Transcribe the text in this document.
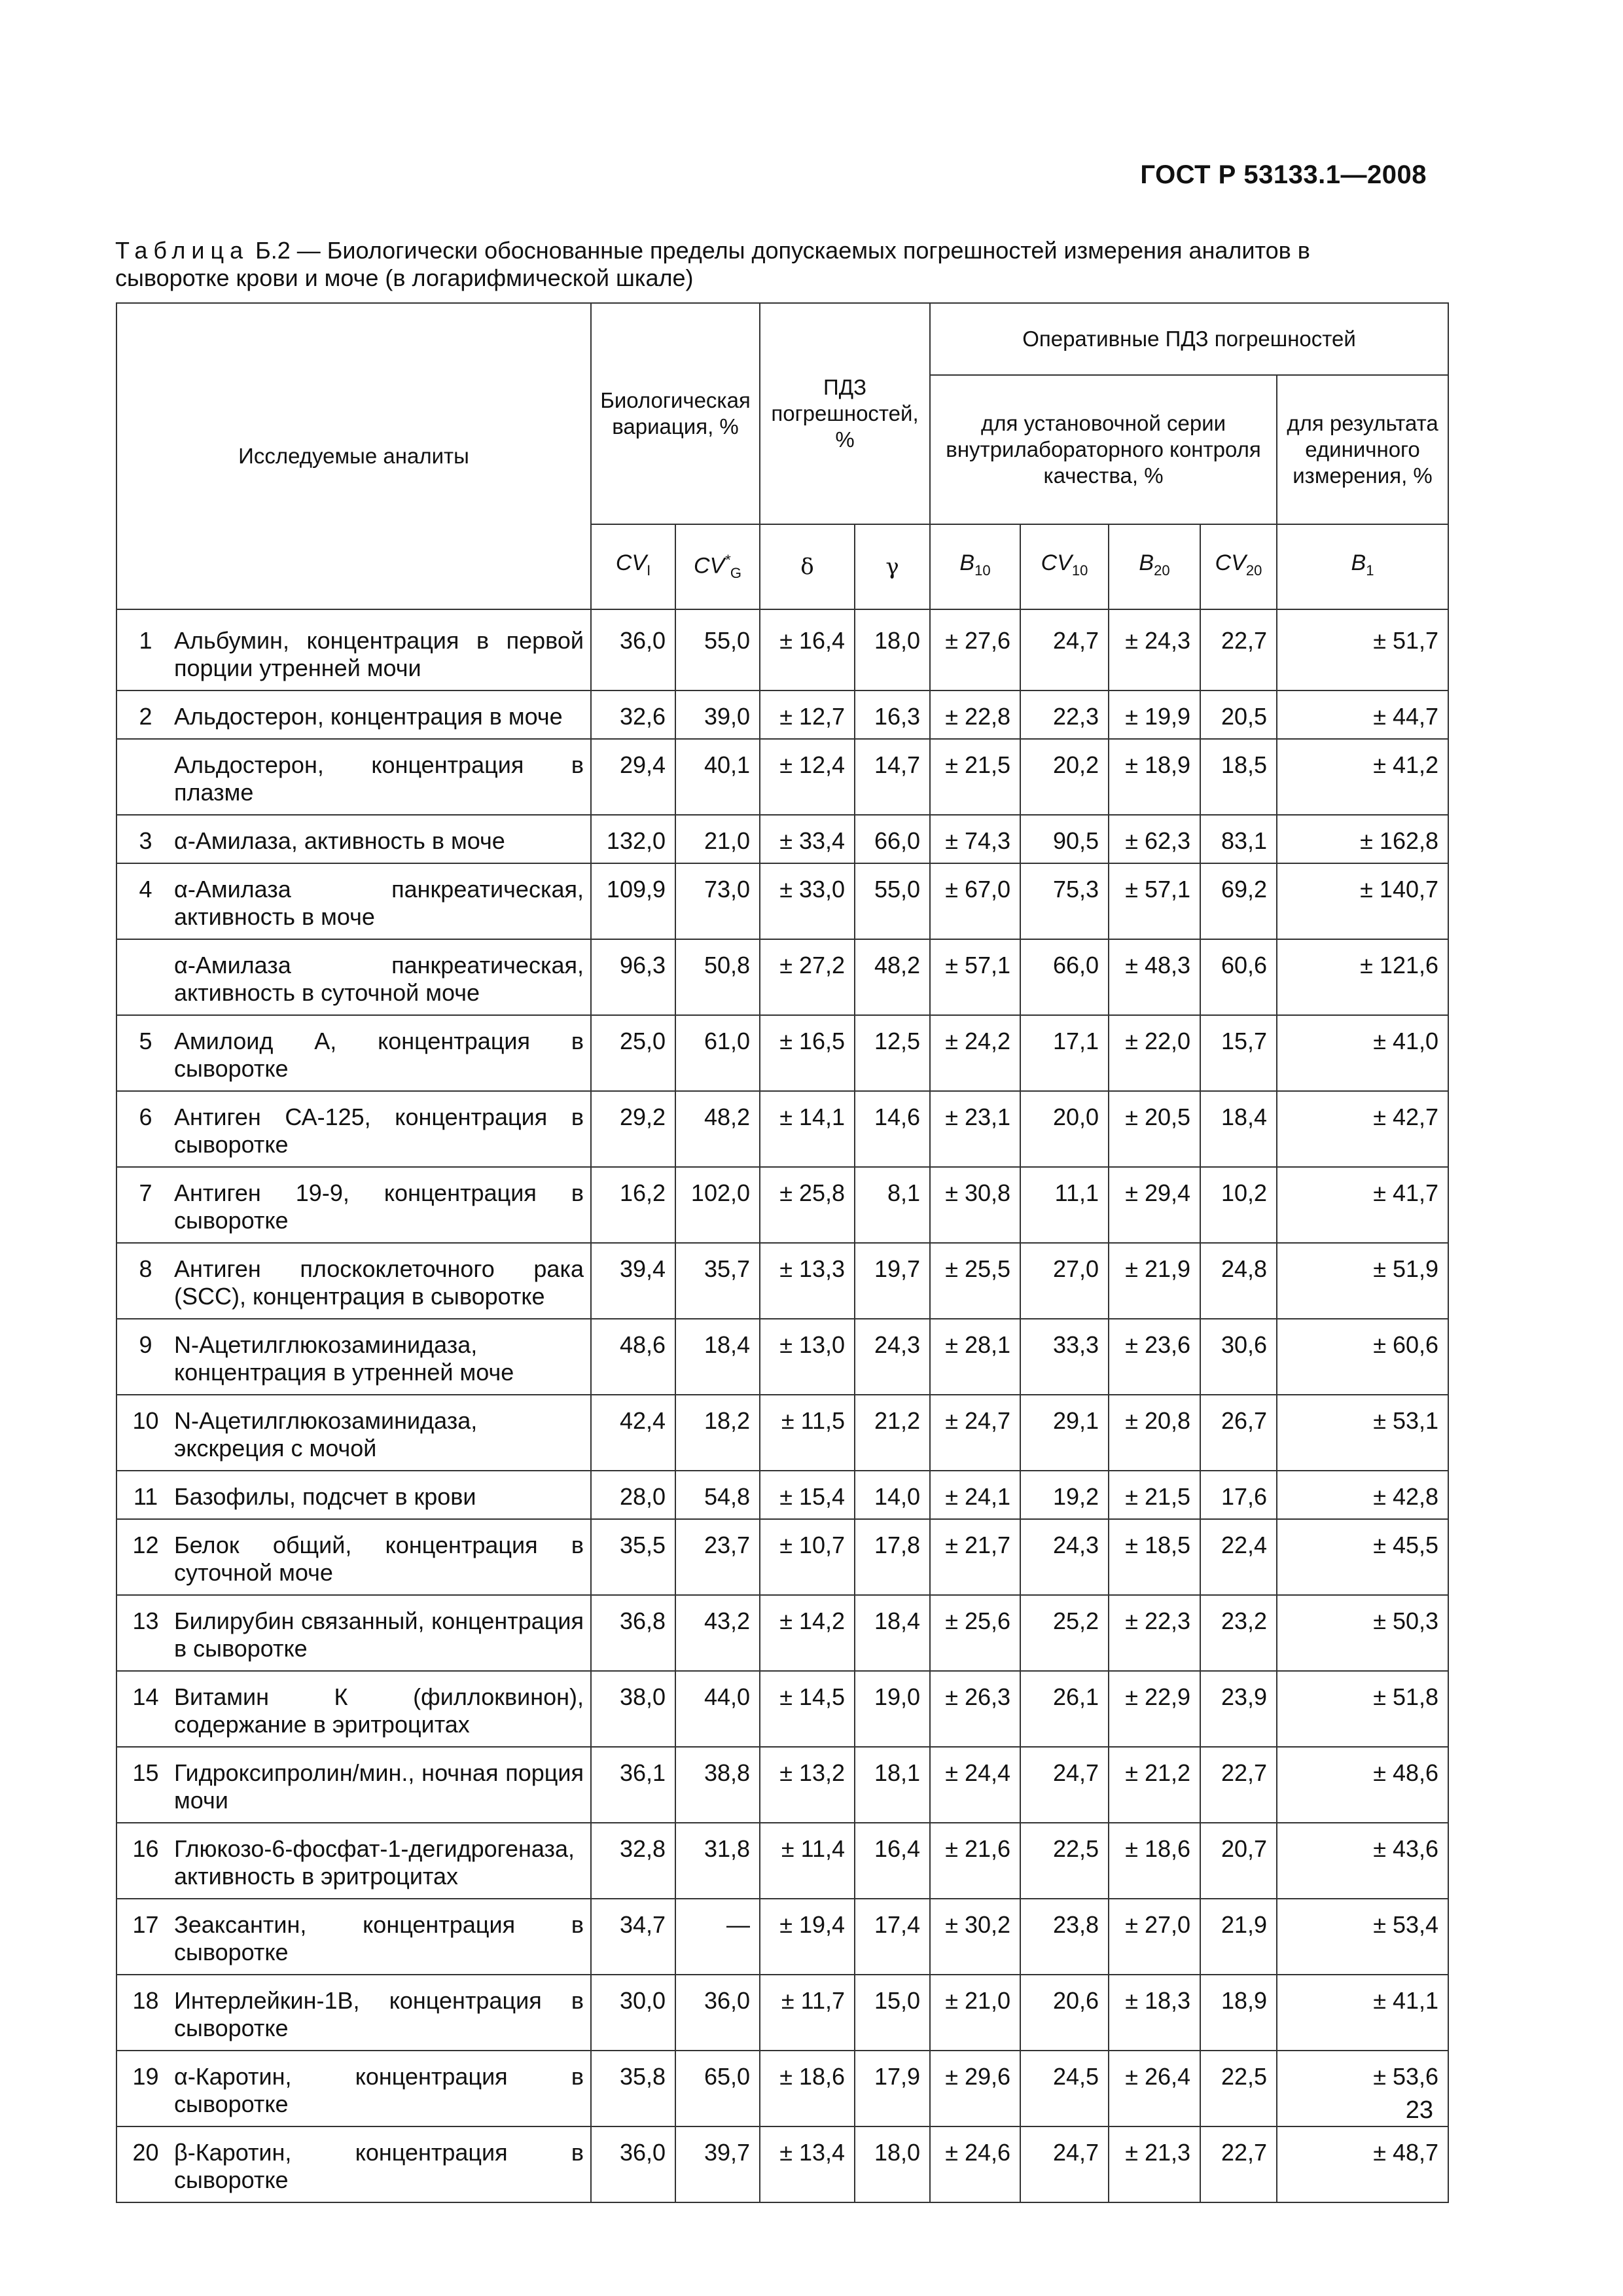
ГОСТ Р 53133.1—2008
Таблица Б.2 — Биологически обоснованные пределы допускаемых погрешностей измерения аналитов в сыворотке крови и моче (в логарифмической шкале)
Исследуемые аналиты		Биологическая вариация, %		ПДЗ погрешностей, %		Оперативные ПДЗ погрешностей				
						для установочной серии внутрилабораторного контроля качества, %				для результата единичного измерения, %
		$CV_I$	$CV^*_G$	δ	γ	$B_{10}$	$CV_{10}$	$B_{20}$	$CV_{20}$	$B_1$
1	Альбумин, концентрация в первой порции утренней мочи	36,0	55,0	± 16,4	18,0	± 27,6	24,7	± 24,3	22,7	± 51,7
2	Альдостерон, концентрация в моче	32,6	39,0	± 12,7	16,3	± 22,8	22,3	± 19,9	20,5	± 44,7
	Альдостерон, концентрация в плазме	29,4	40,1	± 12,4	14,7	± 21,5	20,2	± 18,9	18,5	± 41,2
3	α-Амилаза, активность в моче	132,0	21,0	± 33,4	66,0	± 74,3	90,5	± 62,3	83,1	± 162,8
4	α-Амилаза панкреатическая, активность в моче	109,9	73,0	± 33,0	55,0	± 67,0	75,3	± 57,1	69,2	± 140,7
	α-Амилаза панкреатическая, активность в суточной моче	96,3	50,8	± 27,2	48,2	± 57,1	66,0	± 48,3	60,6	± 121,6
5	Амилоид А, концентрация в сыворотке	25,0	61,0	± 16,5	12,5	± 24,2	17,1	± 22,0	15,7	± 41,0
6	Антиген СА-125, концентрация в сыворотке	29,2	48,2	± 14,1	14,6	± 23,1	20,0	± 20,5	18,4	± 42,7
7	Антиген 19-9, концентрация в сыворотке	16,2	102,0	± 25,8	8,1	± 30,8	11,1	± 29,4	10,2	± 41,7
8	Антиген плоскоклеточного рака (SCC), концентрация в сыворотке	39,4	35,7	± 13,3	19,7	± 25,5	27,0	± 21,9	24,8	± 51,9
9	N-Ацетилглюкозаминидаза, концентрация в утренней моче	48,6	18,4	± 13,0	24,3	± 28,1	33,3	± 23,6	30,6	± 60,6
10	N-Ацетилглюкозаминидаза, экскреция с мочой	42,4	18,2	± 11,5	21,2	± 24,7	29,1	± 20,8	26,7	± 53,1
11	Базофилы, подсчет в крови	28,0	54,8	± 15,4	14,0	± 24,1	19,2	± 21,5	17,6	± 42,8
12	Белок общий, концентрация в суточной моче	35,5	23,7	± 10,7	17,8	± 21,7	24,3	± 18,5	22,4	± 45,5
13	Билирубин связанный, концентрация в сыворотке	36,8	43,2	± 14,2	18,4	± 25,6	25,2	± 22,3	23,2	± 50,3
14	Витамин К (филлоквинон), содержание в эритроцитах	38,0	44,0	± 14,5	19,0	± 26,3	26,1	± 22,9	23,9	± 51,8
15	Гидроксипролин/мин., ночная порция мочи	36,1	38,8	± 13,2	18,1	± 24,4	24,7	± 21,2	22,7	± 48,6
16	Глюкозо-6-фосфат-1-дегидрогеназа, активность в эритроцитах	32,8	31,8	± 11,4	16,4	± 21,6	22,5	± 18,6	20,7	± 43,6
17	Зеаксантин, концентрация в сыворотке	34,7	—	± 19,4	17,4	± 30,2	23,8	± 27,0	21,9	± 53,4
18	Интерлейкин-1В, концентрация в сыворотке	30,0	36,0	± 11,7	15,0	± 21,0	20,6	± 18,3	18,9	± 41,1
19	α-Каротин, концентрация в сыворотке	35,8	65,0	± 18,6	17,9	± 29,6	24,5	± 26,4	22,5	± 53,6
20	β-Каротин, концентрация в сыворотке	36,0	39,7	± 13,4	18,0	± 24,6	24,7	± 21,3	22,7	± 48,7
23
